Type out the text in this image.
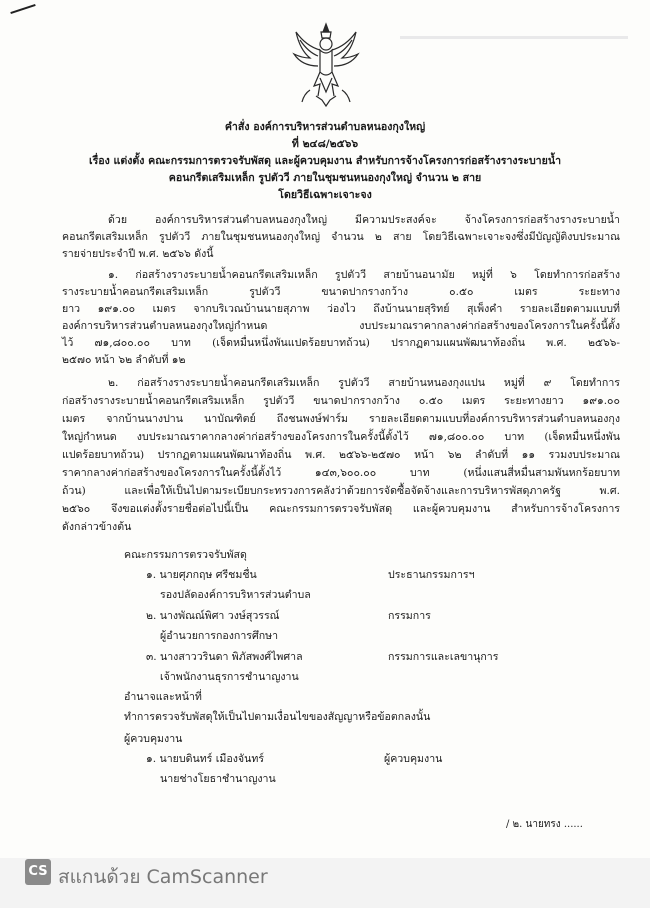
คำสั่ง องค์การบริหารส่วนตำบลหนองกุงใหญ่
ที่ ๒๔๘/๒๕๖๖
เรื่อง แต่งตั้ง คณะกรรมการตรวจรับพัสดุ และผู้ควบคุมงาน สำหรับการจ้างโครงการก่อสร้างรางระบายน้ำ
คอนกรีตเสริมเหล็ก รูปตัววี ภายในชุมชนหนองกุงใหญ่ จำนวน ๒ สาย
โดยวิธีเฉพาะเจาะจง
ด้วย องค์การบริหารส่วนตำบลหนองกุงใหญ่ มีความประสงค์จะ จ้างโครงการก่อสร้างรางระบายน้ำ
คอนกรีตเสริมเหล็ก รูปตัววี ภายในชุมชนหนองกุงใหญ่ จำนวน ๒ สาย โดยวิธีเฉพาะเจาะจงซึ่งมีบัญญัติงบประมาณ
รายจ่ายประจำปี พ.ศ. ๒๕๖๖ ดังนี้
๑. ก่อสร้างรางระบายน้ำคอนกรีตเสริมเหล็ก รูปตัววี สายบ้านอนามัย หมู่ที่ ๖ โดยทำการก่อสร้าง
รางระบายน้ำคอนกรีตเสริมเหล็ก รูปตัววี ขนาดปากรางกว้าง ๐.๕๐ เมตร ระยะทาง
ยาว ๑๙๑.๐๐ เมตร จากบริเวณบ้านนายสุภาพ ว่องไว ถึงบ้านนายสุริทย์ สุเพ็งคำ รายละเอียดตามแบบที่
องค์การบริหารส่วนตำบลหนองกุงใหญ่กำหนด งบประมาณราคากลางค่าก่อสร้างของโครงการในครั้งนี้ตั้ง
ไว้ ๗๑,๘๐๐.๐๐ บาท (เจ็ดหมื่นหนึ่งพันแปดร้อยบาทถ้วน) ปรากฏตามแผนพัฒนาท้องถิ่น พ.ศ. ๒๕๖๖-
๒๕๗๐ หน้า ๖๒ ลำดับที่ ๑๒
๒. ก่อสร้างรางระบายน้ำคอนกรีตเสริมเหล็ก รูปตัววี สายบ้านหนองกุงแปน หมู่ที่ ๙ โดยทำการ
ก่อสร้างรางระบายน้ำคอนกรีตเสริมเหล็ก รูปตัววี ขนาดปากรางกว้าง ๐.๕๐ เมตร ระยะทางยาว ๑๙๑.๐๐
เมตร จากบ้านนางปาน นาบัณฑิตย์ ถึงชนพงษ์ฟาร์ม รายละเอียดตามแบบที่องค์การบริหารส่วนตำบลหนองกุง
ใหญ่กำหนด งบประมาณราคากลางค่าก่อสร้างของโครงการในครั้งนี้ตั้งไว้ ๗๑,๘๐๐.๐๐ บาท (เจ็ดหมื่นหนึ่งพัน
แปดร้อยบาทถ้วน) ปรากฏตามแผนพัฒนาท้องถิ่น พ.ศ. ๒๕๖๖-๒๕๗๐ หน้า ๖๒ ลำดับที่ ๑๑ รวมงบประมาณ
ราคากลางค่าก่อสร้างของโครงการในครั้งนี้ตั้งไว้ ๑๔๓,๖๐๐.๐๐ บาท (หนึ่งแสนสี่หมื่นสามพันหกร้อยบาท
ถ้วน) และเพื่อให้เป็นไปตามระเบียบกระทรวงการคลังว่าด้วยการจัดซื้อจัดจ้างและการบริหารพัสดุภาครัฐ พ.ศ.
๒๕๖๐ จึงขอแต่งตั้งรายชื่อต่อไปนี้เป็น คณะกรรมการตรวจรับพัสดุ และผู้ควบคุมงาน สำหรับการจ้างโครงการ
ดังกล่าวข้างต้น
คณะกรรมการตรวจรับพัสดุ
๑. นายศุภกฤษ ศรีชมชื่น	ประธานกรรมการฯ
รองปลัดองค์การบริหารส่วนตำบล
๒. นางพัณณ์พิศา วงษ์สุวรรณ์	กรรมการ
ผู้อำนวยการกองการศึกษา
๓. นางสาววรินดา พิภัสพงศ์ไพศาล	กรรมการและเลขานุการ
เจ้าพนักงานธุรการชำนาญงาน
อำนาจและหน้าที่
ทำการตรวจรับพัสดุให้เป็นไปตามเงื่อนไขของสัญญาหรือข้อตกลงนั้น
ผู้ควบคุมงาน
๑. นายบดินทร์ เมืองจันทร์	ผู้ควบคุมงาน
นายช่างโยธาชำนาญงาน
/ ๒. นายทรง ......
CS สแกนด้วย CamScanner
